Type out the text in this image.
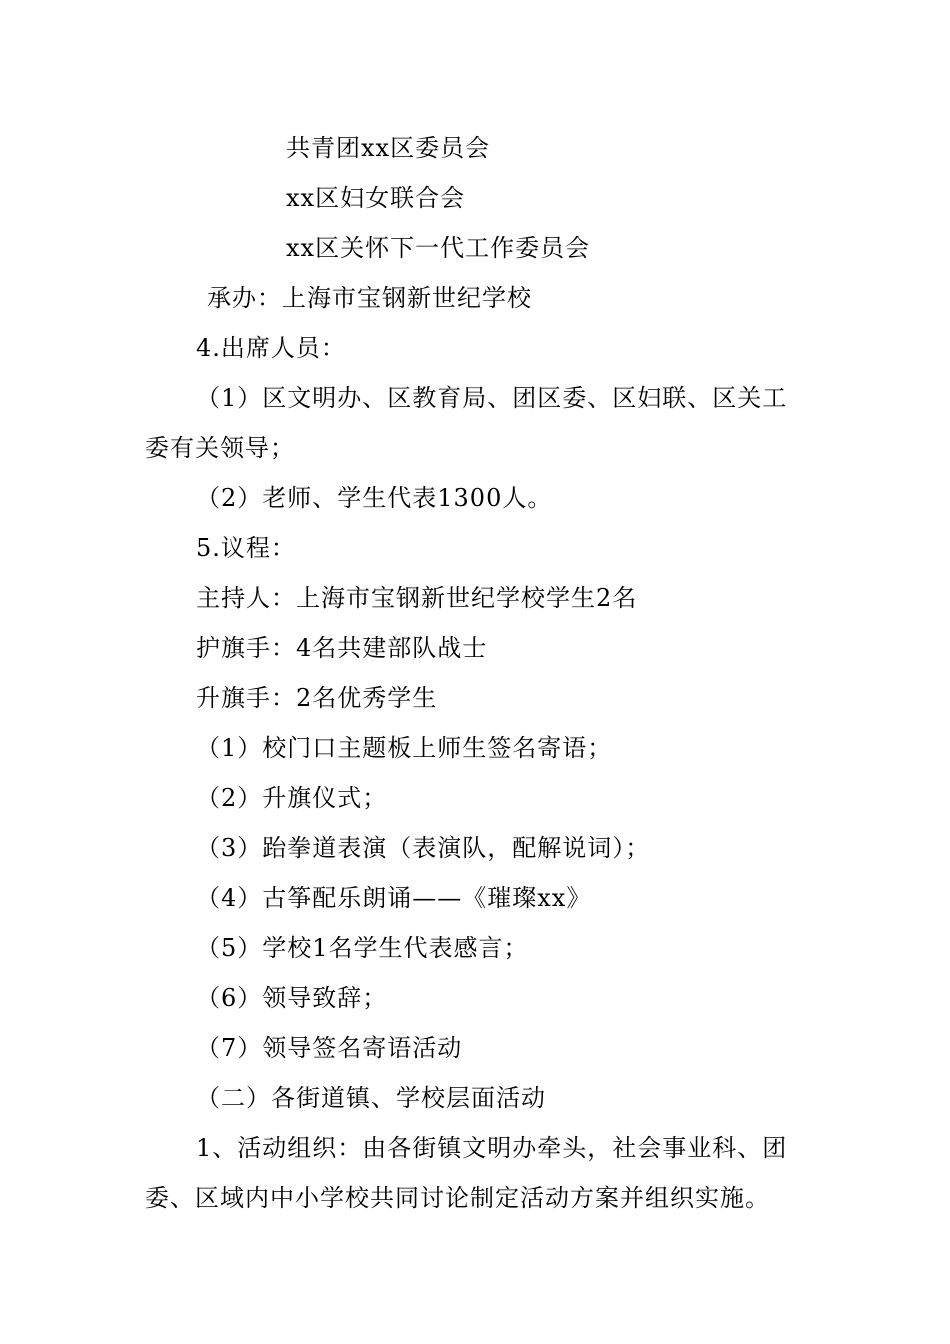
共青团xx区委员会
xx区妇女联合会
xx区关怀下一代工作委员会
承办：上海市宝钢新世纪学校
4.出席人员：
（1）区文明办、区教育局、团区委、区妇联、区关工
委有关领导；
（2）老师、学生代表1300人。
5.议程：
主持人：上海市宝钢新世纪学校学生2名
护旗手：4名共建部队战士
升旗手：2名优秀学生
（1）校门口主题板上师生签名寄语；
（2）升旗仪式；
（3）跆拳道表演（表演队，配解说词）；
（4）古筝配乐朗诵——《璀璨xx》
（5）学校1名学生代表感言；
（6）领导致辞；
（7）领导签名寄语活动
（二）各街道镇、学校层面活动
1、活动组织：由各街镇文明办牵头，社会事业科、团
委、区域内中小学校共同讨论制定活动方案并组织实施。
